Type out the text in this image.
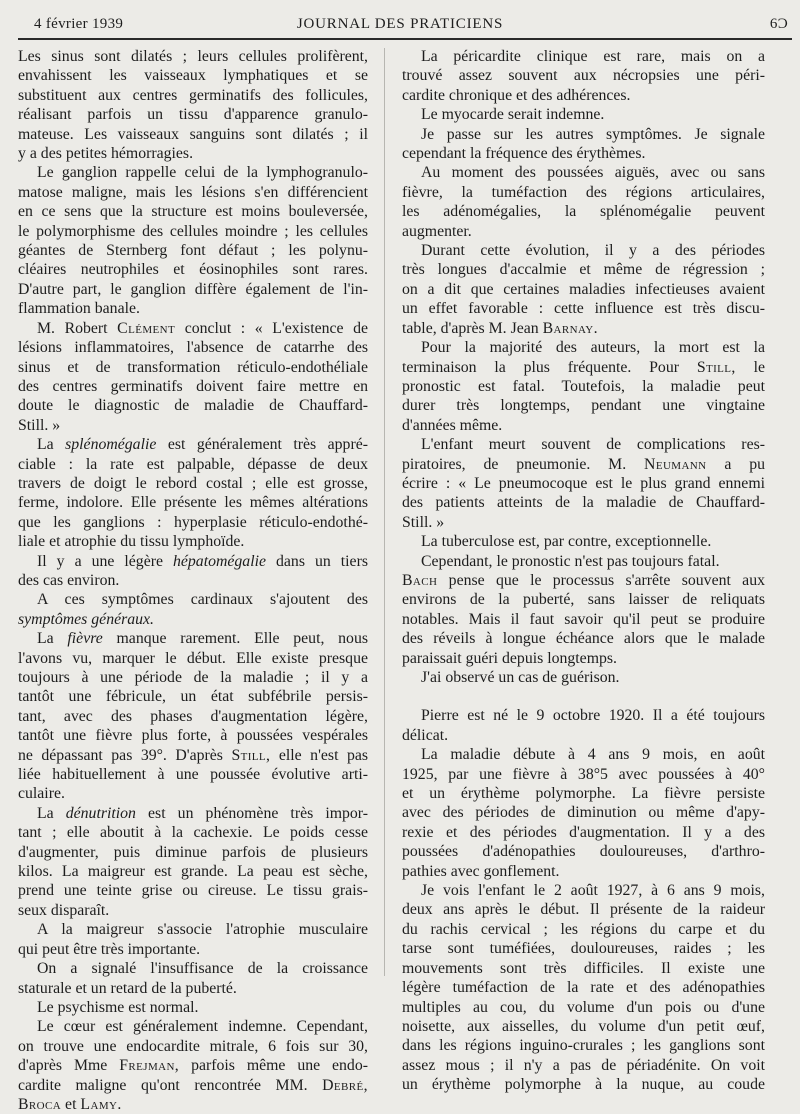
4 février 1939	JOURNAL DES PRATICIENS	6Ɔ
Les sinus sont dilatés ; leurs cellules prolifèrent,
envahissent les vaisseaux lymphatiques et se
substituent aux centres germinatifs des follicules,
réalisant parfois un tissu d'apparence granulo-
mateuse. Les vaisseaux sanguins sont dilatés ; il
y a des petites hémorragies.
Le ganglion rappelle celui de la lymphogranulo-
matose maligne, mais les lésions s'en différencient
en ce sens que la structure est moins bouleversée,
le polymorphisme des cellules moindre ; les cellules
géantes de Sternberg font défaut ; les polynu-
cléaires neutrophiles et éosinophiles sont rares.
D'autre part, le ganglion diffère également de l'in-
flammation banale.
M. Robert Clément conclut : « L'existence de
lésions inflammatoires, l'absence de catarrhe des
sinus et de transformation réticulo-endothéliale
des centres germinatifs doivent faire mettre en
doute le diagnostic de maladie de Chauffard-
Still. »
La splénomégalie est généralement très appré-
ciable : la rate est palpable, dépasse de deux
travers de doigt le rebord costal ; elle est grosse,
ferme, indolore. Elle présente les mêmes altérations
que les ganglions : hyperplasie réticulo-endothé-
liale et atrophie du tissu lymphoïde.
Il y a une légère hépatomégalie dans un tiers
des cas environ.
A ces symptômes cardinaux s'ajoutent des
symptômes généraux.
La fièvre manque rarement. Elle peut, nous
l'avons vu, marquer le début. Elle existe presque
toujours à une période de la maladie ; il y a
tantôt une fébricule, un état subfébrile persis-
tant, avec des phases d'augmentation légère,
tantôt une fièvre plus forte, à poussées vespérales
ne dépassant pas 39°. D'après Still, elle n'est pas
liée habituellement à une poussée évolutive arti-
culaire.
La dénutrition est un phénomène très impor-
tant ; elle aboutit à la cachexie. Le poids cesse
d'augmenter, puis diminue parfois de plusieurs
kilos. La maigreur est grande. La peau est sèche,
prend une teinte grise ou cireuse. Le tissu grais-
seux disparaît.
A la maigreur s'associe l'atrophie musculaire
qui peut être très importante.
On a signalé l'insuffisance de la croissance
staturale et un retard de la puberté.
Le psychisme est normal.
Le cœur est généralement indemne. Cependant,
on trouve une endocardite mitrale, 6 fois sur 30,
d'après Mme Frejman, parfois même une endo-
cardite maligne qu'ont rencontrée MM. Debré,
Broca et Lamy.
La péricardite clinique est rare, mais on a
trouvé assez souvent aux nécropsies une péri-
cardite chronique et des adhérences.
Le myocarde serait indemne.
Je passe sur les autres symptômes. Je signale
cependant la fréquence des érythèmes.
Au moment des poussées aiguës, avec ou sans
fièvre, la tuméfaction des régions articulaires,
les adénomégalies, la splénomégalie peuvent
augmenter.
Durant cette évolution, il y a des périodes
très longues d'accalmie et même de régression ;
on a dit que certaines maladies infectieuses avaient
un effet favorable : cette influence est très discu-
table, d'après M. Jean Barnay.
Pour la majorité des auteurs, la mort est la
terminaison la plus fréquente. Pour Still, le
pronostic est fatal. Toutefois, la maladie peut
durer très longtemps, pendant une vingtaine
d'années même.
L'enfant meurt souvent de complications res-
piratoires, de pneumonie. M. Neumann a pu
écrire : « Le pneumocoque est le plus grand ennemi
des patients atteints de la maladie de Chauffard-
Still. »
La tuberculose est, par contre, exceptionnelle.
Cependant, le pronostic n'est pas toujours fatal.
Bach pense que le processus s'arrête souvent aux
environs de la puberté, sans laisser de reliquats
notables. Mais il faut savoir qu'il peut se produire
des réveils à longue échéance alors que le malade
paraissait guéri depuis longtemps.
J'ai observé un cas de guérison.
Pierre est né le 9 octobre 1920. Il a été toujours
délicat.
La maladie débute à 4 ans 9 mois, en août
1925, par une fièvre à 38°5 avec poussées à 40°
et un érythème polymorphe. La fièvre persiste
avec des périodes de diminution ou même d'apy-
rexie et des périodes d'augmentation. Il y a des
poussées d'adénopathies douloureuses, d'arthro-
pathies avec gonflement.
Je vois l'enfant le 2 août 1927, à 6 ans 9 mois,
deux ans après le début. Il présente de la raideur
du rachis cervical ; les régions du carpe et du
tarse sont tuméfiées, douloureuses, raides ; les
mouvements sont très difficiles. Il existe une
légère tuméfaction de la rate et des adénopathies
multiples au cou, du volume d'un pois ou d'une
noisette, aux aisselles, du volume d'un petit œuf,
dans les régions inguino-crurales ; les ganglions sont
assez mous ; il n'y a pas de périadénite. On voit
un érythème polymorphe à la nuque, au coude
